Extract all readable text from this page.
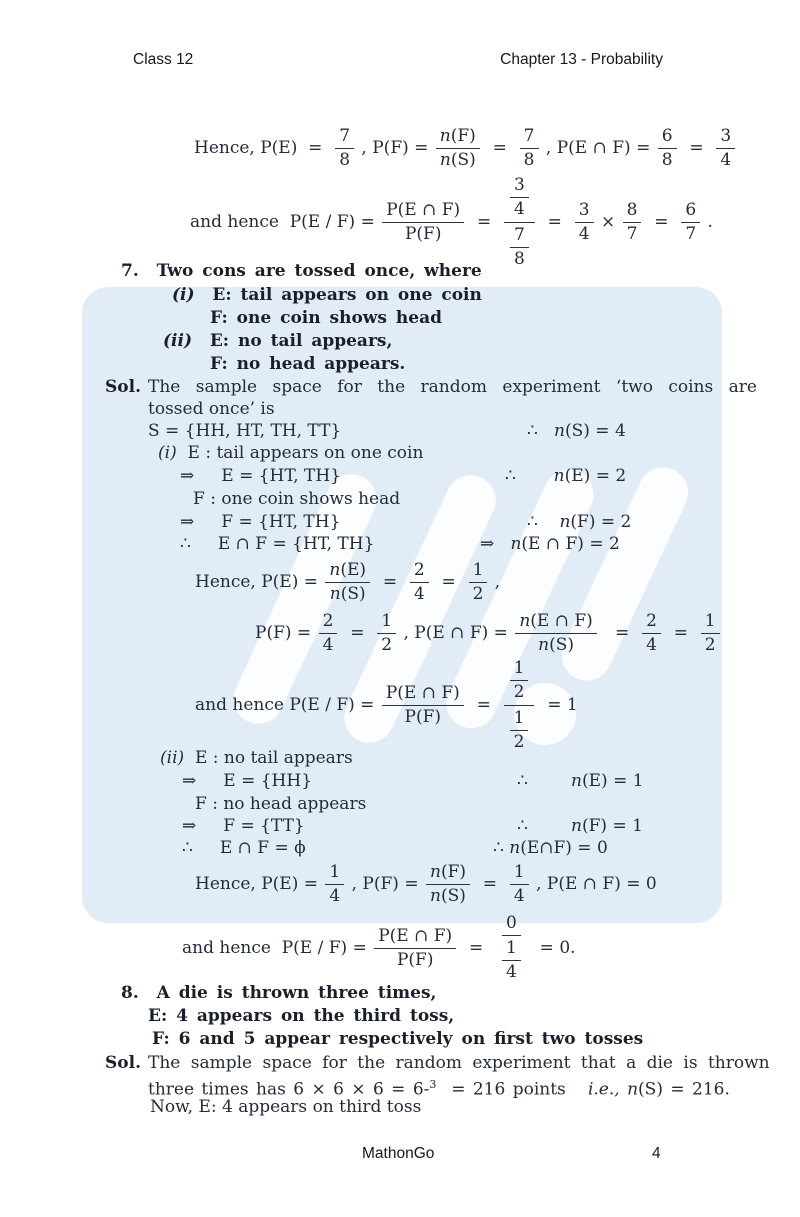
Class 12	Chapter 13 - Probability
Hence, $P(E) = \frac{7}{8}$ , $P(F) = \frac{n(F)}{n(S)} = \frac{7}{8}$ , P(E ∩ $F) = \frac{6}{8} = \frac{3}{4}$
and hence  $P(E / F) = \frac{P(E \cap F)}{P(F)} = \frac{\frac{3}{4}}{\frac{7}{8}} = \frac{3}{4} \times \frac{8}{7} = \frac{6}{7}$ .
7.  Two cons are tossed once, where
(i)  E: tail appears on one coin
F: one coin shows head
(ii)  E: no tail appears,
F: no head appears.
Sol. The sample space for the random experiment ‘two coins are
tossed once’ is
S = {HH, HT, TH, TT}	∴   n(S) = 4
(i)  E : tail appears on one coin
⇒     E = {HT, TH}	∴       n(E) = 2
F : one coin shows head
⇒     F = {HT, TH}	∴    n(F) = 2
∴     E ∩ F = {HT, TH}	⇒   n(E ∩ F) = 2
Hence, $P(E) = \frac{n(E)}{n(S)} = \frac{2}{4} = \frac{1}{2}$ ,
$P(F) = \frac{2}{4} = \frac{1}{2}$ , P(E ∩ $F) = \frac{n(E \cap F)}{n(S)} = \frac{2}{4} = \frac{1}{2}$
and hence $P(E / F) = \frac{P(E \cap F)}{P(F)} = \frac{\frac{1}{2}}{\frac{1}{2}} = 1$
(ii)  E : no tail appears
⇒     E = {HH}	∴        n(E) = 1
F : no head appears
⇒     F = {TT}	∴        n(F) = 1
∴     E ∩ F = ϕ	∴ n(E∩F) = 0
Hence, $P(E) = \frac{1}{4}$ , $P(F) = \frac{n(F)}{n(S)} = \frac{1}{4}$ , P(E ∩ F) = 0
and hence  $P(E / F) = \frac{P(E \cap F)}{P(F)} = \frac{0}{\frac{1}{4}} = 0$.
8.  A die is thrown three times,
E: 4 appears on the third toss,
F: 6 and 5 appear respectively on first two tosses
Sol. The sample space for the random experiment that a die is thrown
three times has 6 × 6 × 6 = 6-$^3$  = 216 points   i.e., n(S) = 216.
Now, E: 4 appears on third toss
MathonGo	4
